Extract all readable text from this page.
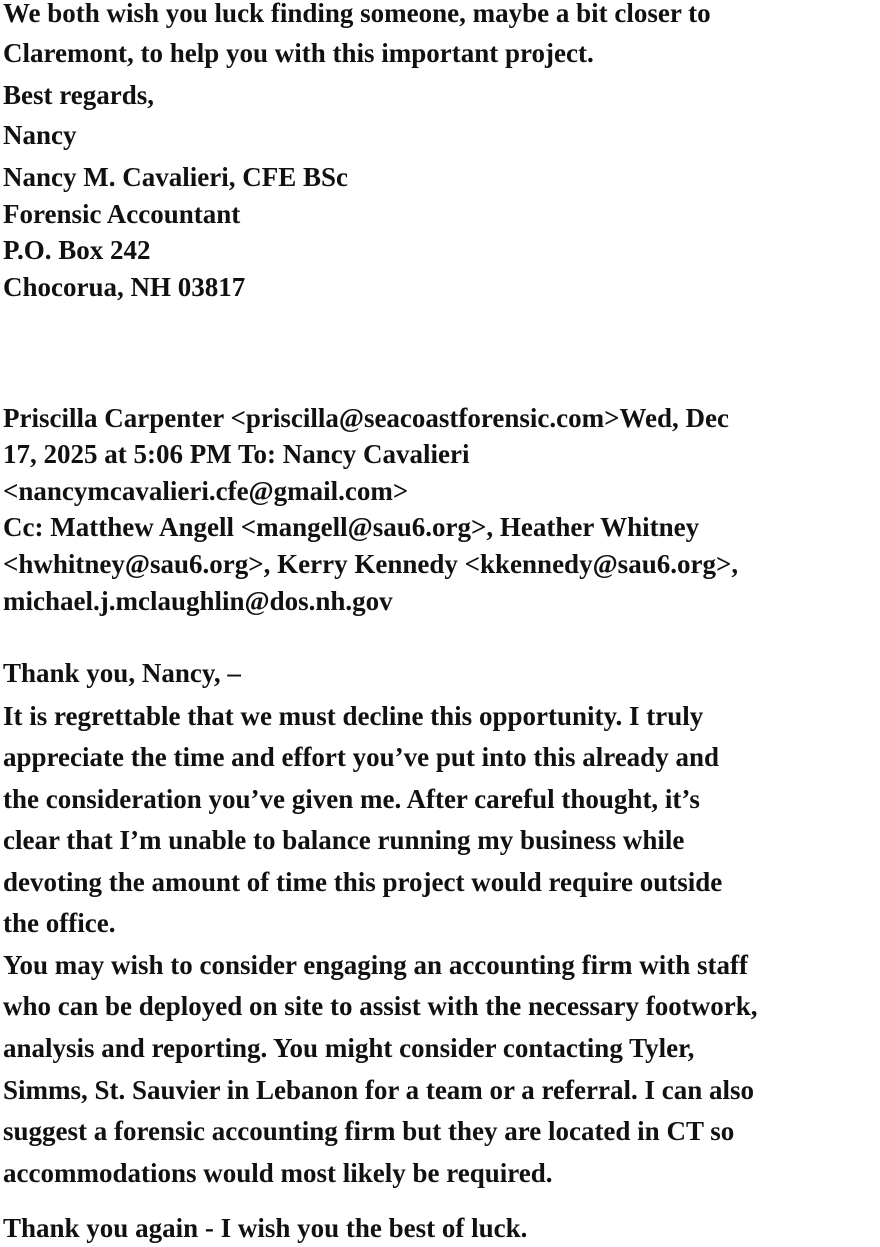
We both wish you luck finding someone, maybe a bit closer to

Claremont, to help you with this important project.

Best regards,

Nancy

Nancy M. Cavalieri, CFE BSc

Forensic Accountant

P.O. Box 242

Chocorua, NH 03817

Priscilla Carpenter <priscilla@seacoastforensic.com>Wed, Dec

17, 2025 at 5:06 PM To: Nancy Cavalieri

<nancymcavalieri.cfe@gmail.com>

Cc: Matthew Angell <mangell@sau6.org>, Heather Whitney

<hwhitney@sau6.org>, Kerry Kennedy <kkennedy@sau6.org>,

michael.j.mclaughlin@dos.nh.gov

Thank you, Nancy, –

It is regrettable that we must decline this opportunity. I truly

appreciate the time and effort you’ve put into this already and

the consideration you’ve given me. After careful thought, it’s

clear that I’m unable to balance running my business while

devoting the amount of time this project would require outside

the office.

You may wish to consider engaging an accounting firm with staff

who can be deployed on site to assist with the necessary footwork,

analysis and reporting. You might consider contacting Tyler,

Simms, St. Sauvier in Lebanon for a team or a referral. I can also

suggest a forensic accounting firm but they are located in CT so

accommodations would most likely be required.

Thank you again - I wish you the best of luck.
